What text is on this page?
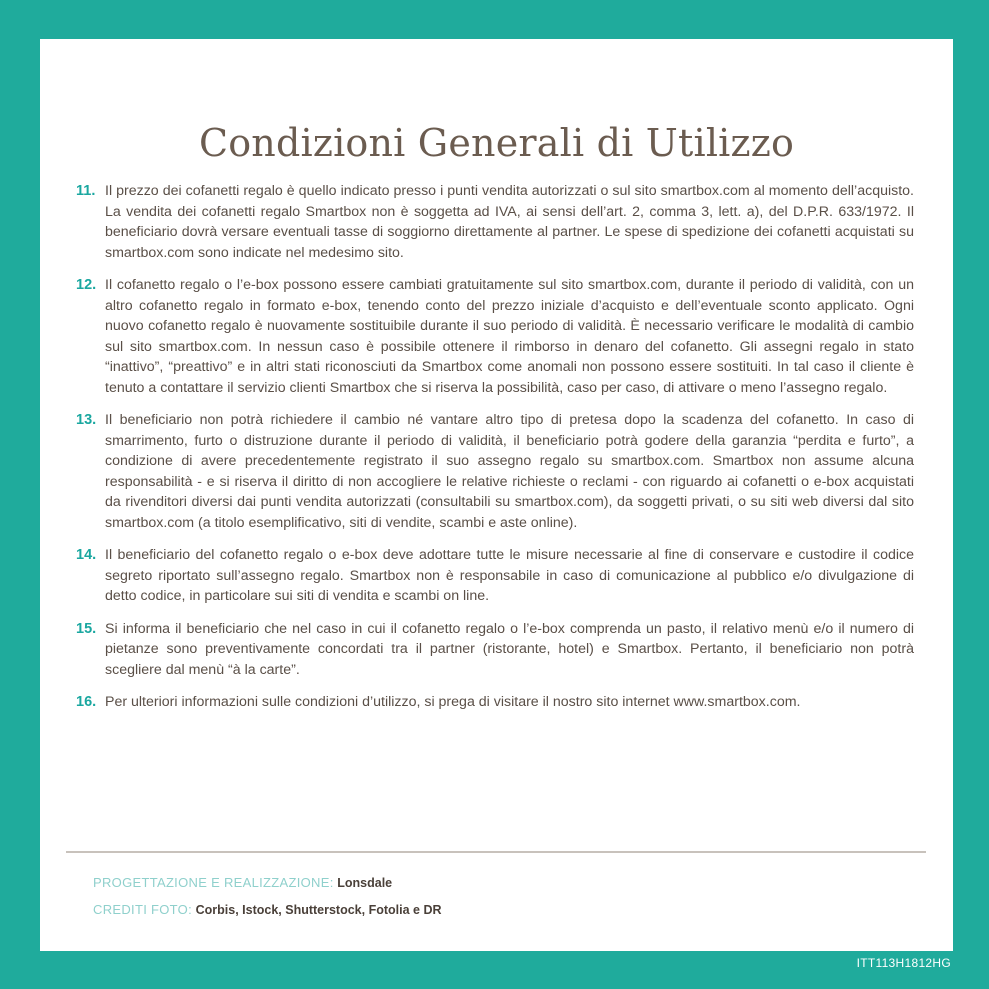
Condizioni Generali di Utilizzo
11. Il prezzo dei cofanetti regalo è quello indicato presso i punti vendita autorizzati o sul sito smartbox.com al momento dell’acquisto. La vendita dei cofanetti regalo Smartbox non è soggetta ad IVA, ai sensi dell’art. 2, comma 3, lett. a), del D.P.R. 633/1972. Il beneficiario dovrà versare eventuali tasse di soggiorno direttamente al partner. Le spese di spedizione dei cofanetti acquistati su smartbox.com sono indicate nel medesimo sito.
12. Il cofanetto regalo o l’e-box possono essere cambiati gratuitamente sul sito smartbox.com, durante il periodo di validità, con un altro cofanetto regalo in formato e-box, tenendo conto del prezzo iniziale d’acquisto e dell’eventuale sconto applicato. Ogni nuovo cofanetto regalo è nuovamente sostituibile durante il suo periodo di validità. È necessario verificare le modalità di cambio sul sito smartbox.com. In nessun caso è possibile ottenere il rimborso in denaro del cofanetto. Gli assegni regalo in stato “inattivo”, “preattivo” e in altri stati riconosciuti da Smartbox come anomali non possono essere sostituiti. In tal caso il cliente è tenuto a contattare il servizio clienti Smartbox che si riserva la possibilità, caso per caso, di attivare o meno l’assegno regalo.
13. Il beneficiario non potrà richiedere il cambio né vantare altro tipo di pretesa dopo la scadenza del cofanetto. In caso di smarrimento, furto o distruzione durante il periodo di validità, il beneficiario potrà godere della garanzia “perdita e furto”, a condizione di avere precedentemente registrato il suo assegno regalo su smartbox.com. Smartbox non assume alcuna responsabilità - e si riserva il diritto di non accogliere le relative richieste o reclami - con riguardo ai cofanetti o e-box acquistati da rivenditori diversi dai punti vendita autorizzati (consultabili su smartbox.com), da soggetti privati, o su siti web diversi dal sito smartbox.com (a titolo esemplificativo, siti di vendite, scambi e aste online).
14. Il beneficiario del cofanetto regalo o e-box deve adottare tutte le misure necessarie al fine di conservare e custodire il codice segreto riportato sull’assegno regalo. Smartbox non è responsabile in caso di comunicazione al pubblico e/o divulgazione di detto codice, in particolare sui siti di vendita e scambi on line.
15. Si informa il beneficiario che nel caso in cui il cofanetto regalo o l’e-box comprenda un pasto, il relativo menù e/o il numero di pietanze sono preventivamente concordati tra il partner (ristorante, hotel) e Smartbox. Pertanto, il beneficiario non potrà scegliere dal menù “à la carte”.
16. Per ulteriori informazioni sulle condizioni d’utilizzo, si prega di visitare il nostro sito internet www.smartbox.com.
PROGETTAZIONE E REALIZZAZIONE: Lonsdale
CREDITI FOTO: Corbis, Istock, Shutterstock, Fotolia e DR
ITT113H1812HG
